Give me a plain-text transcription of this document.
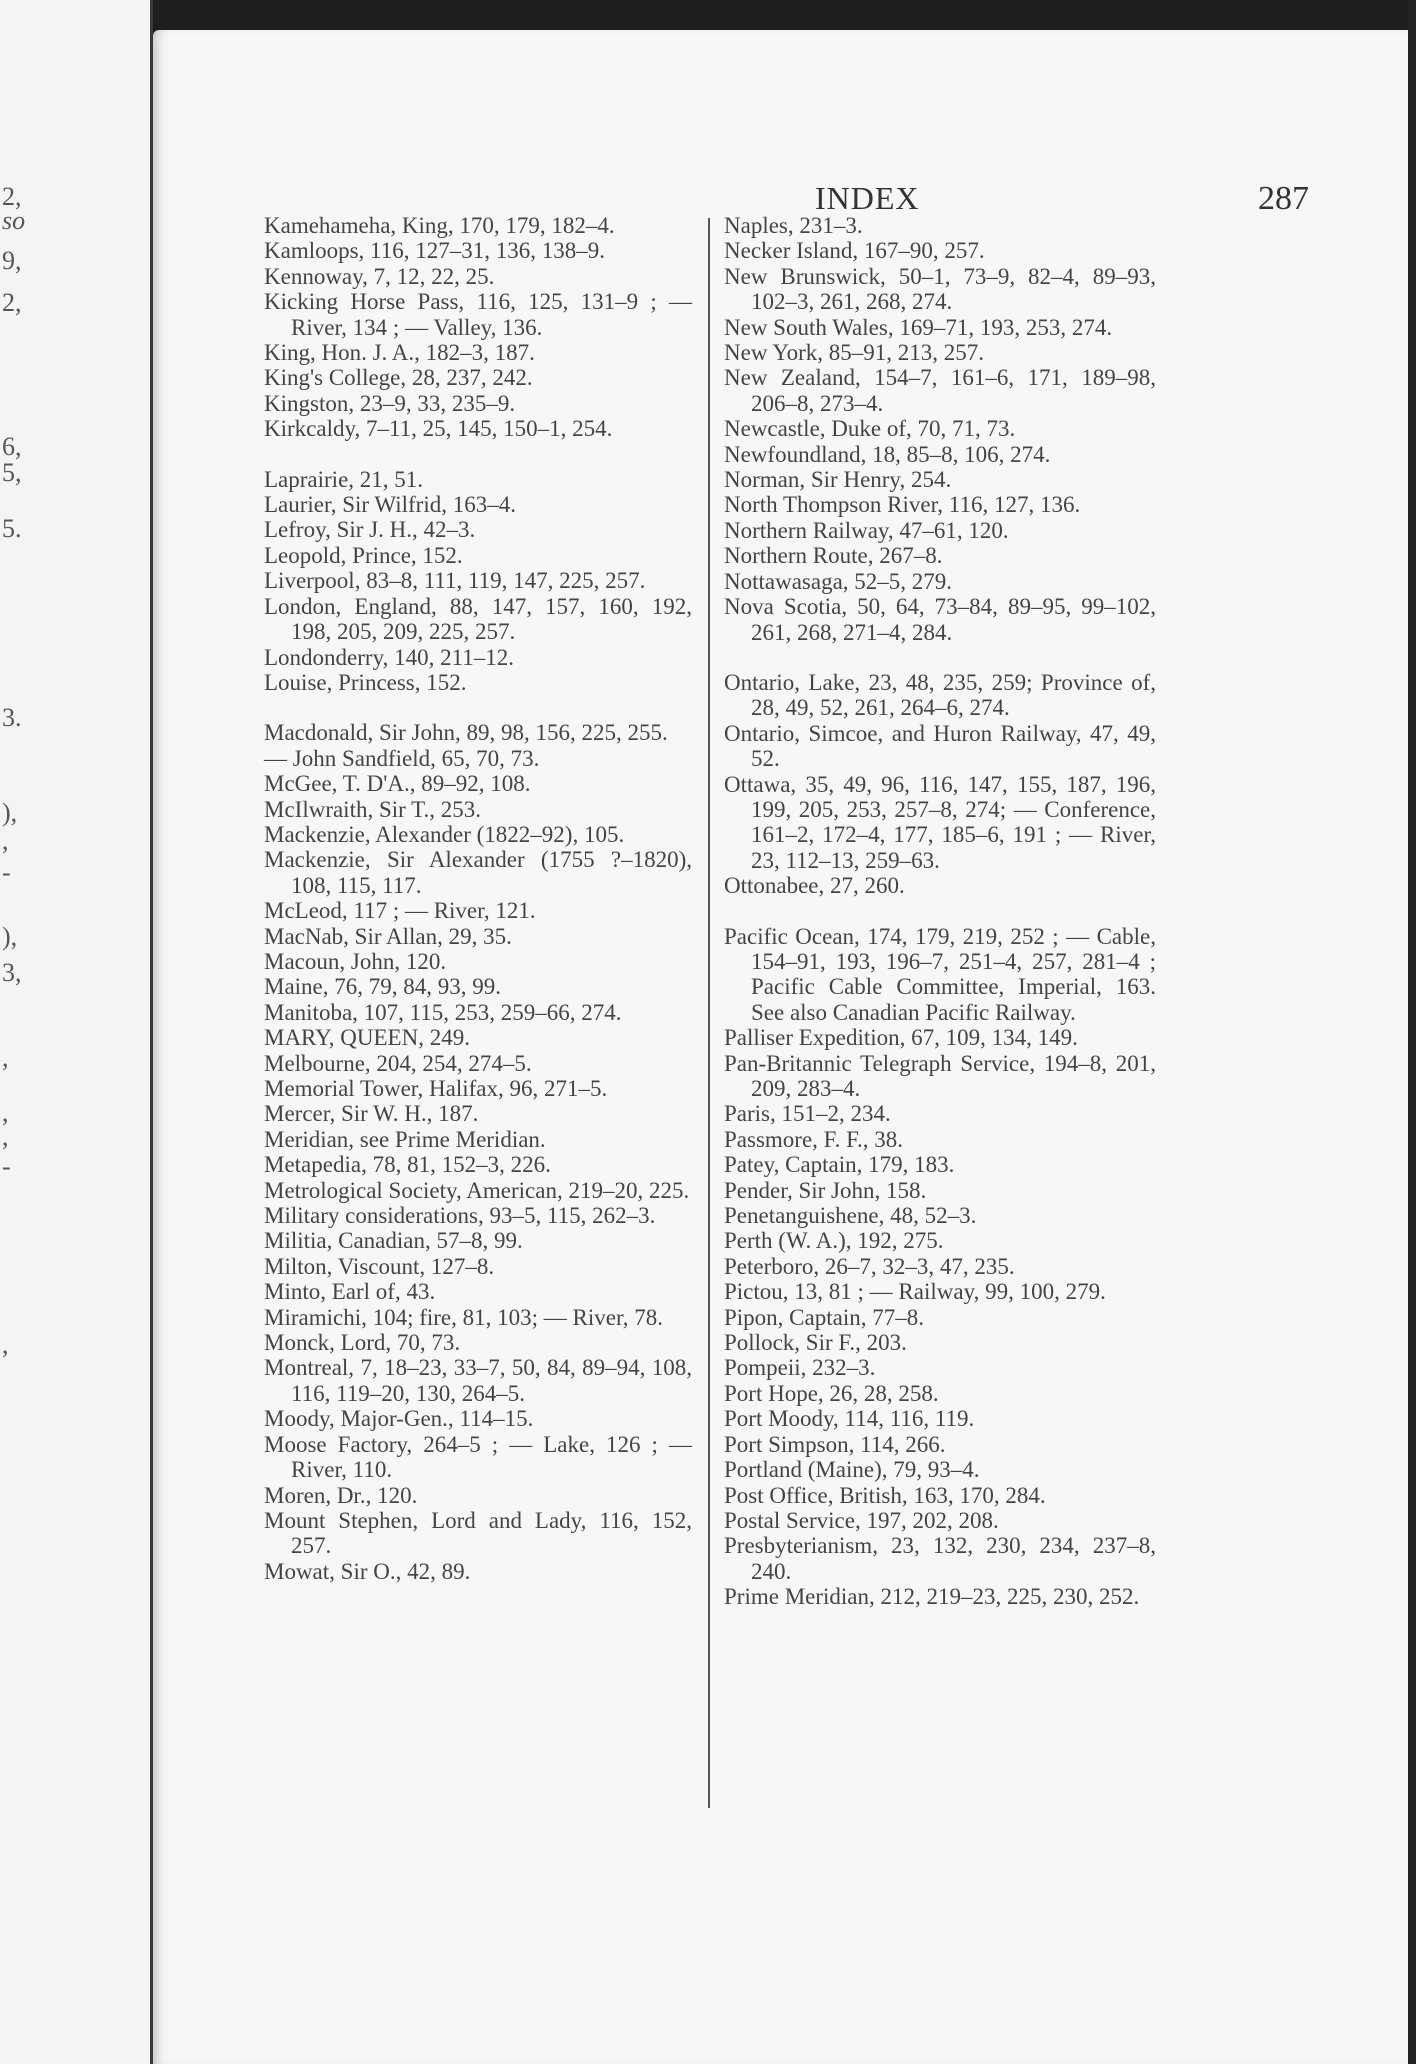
2,
so
9,
2,
6,
5,
5.
3.
),
,
-
),
3,
,
,
,
-
,
INDEX	287
Kamehameha, King, 170, 179, 182–4.
Kamloops, 116, 127–31, 136, 138–9.
Kennoway, 7, 12, 22, 25.
Kicking Horse Pass, 116, 125, 131–9 ; — River, 134 ; — Valley, 136.
King, Hon. J. A., 182–3, 187.
King's College, 28, 237, 242.
Kingston, 23–9, 33, 235–9.
Kirkcaldy, 7–11, 25, 145, 150–1, 254.
Laprairie, 21, 51.
Laurier, Sir Wilfrid, 163–4.
Lefroy, Sir J. H., 42–3.
Leopold, Prince, 152.
Liverpool, 83–8, 111, 119, 147, 225, 257.
London, England, 88, 147, 157, 160, 192, 198, 205, 209, 225, 257.
Londonderry, 140, 211–12.
Louise, Princess, 152.
Macdonald, Sir John, 89, 98, 156, 225, 255.
— John Sandfield, 65, 70, 73.
McGee, T. D'A., 89–92, 108.
McIlwraith, Sir T., 253.
Mackenzie, Alexander (1822–92), 105.
Mackenzie, Sir Alexander (1755 ?–1820), 108, 115, 117.
McLeod, 117 ; — River, 121.
MacNab, Sir Allan, 29, 35.
Macoun, John, 120.
Maine, 76, 79, 84, 93, 99.
Manitoba, 107, 115, 253, 259–66, 274.
MARY, QUEEN, 249.
Melbourne, 204, 254, 274–5.
Memorial Tower, Halifax, 96, 271–5.
Mercer, Sir W. H., 187.
Meridian, see Prime Meridian.
Metapedia, 78, 81, 152–3, 226.
Metrological Society, American, 219–20, 225.
Military considerations, 93–5, 115, 262–3.
Militia, Canadian, 57–8, 99.
Milton, Viscount, 127–8.
Minto, Earl of, 43.
Miramichi, 104; fire, 81, 103; — River, 78.
Monck, Lord, 70, 73.
Montreal, 7, 18–23, 33–7, 50, 84, 89–94, 108, 116, 119–20, 130, 264–5.
Moody, Major-Gen., 114–15.
Moose Factory, 264–5 ; — Lake, 126 ; — River, 110.
Moren, Dr., 120.
Mount Stephen, Lord and Lady, 116, 152, 257.
Mowat, Sir O., 42, 89.
Naples, 231–3.
Necker Island, 167–90, 257.
New Brunswick, 50–1, 73–9, 82–4, 89–93, 102–3, 261, 268, 274.
New South Wales, 169–71, 193, 253, 274.
New York, 85–91, 213, 257.
New Zealand, 154–7, 161–6, 171, 189–98, 206–8, 273–4.
Newcastle, Duke of, 70, 71, 73.
Newfoundland, 18, 85–8, 106, 274.
Norman, Sir Henry, 254.
North Thompson River, 116, 127, 136.
Northern Railway, 47–61, 120.
Northern Route, 267–8.
Nottawasaga, 52–5, 279.
Nova Scotia, 50, 64, 73–84, 89–95, 99–102, 261, 268, 271–4, 284.
Ontario, Lake, 23, 48, 235, 259; Province of, 28, 49, 52, 261, 264–6, 274.
Ontario, Simcoe, and Huron Railway, 47, 49, 52.
Ottawa, 35, 49, 96, 116, 147, 155, 187, 196, 199, 205, 253, 257–8, 274; — Conference, 161–2, 172–4, 177, 185–6, 191 ; — River, 23, 112–13, 259–63.
Ottonabee, 27, 260.
Pacific Ocean, 174, 179, 219, 252 ; — Cable, 154–91, 193, 196–7, 251–4, 257, 281–4 ; Pacific Cable Committee, Imperial, 163. See also Canadian Pacific Railway.
Palliser Expedition, 67, 109, 134, 149.
Pan-Britannic Telegraph Service, 194–8, 201, 209, 283–4.
Paris, 151–2, 234.
Passmore, F. F., 38.
Patey, Captain, 179, 183.
Pender, Sir John, 158.
Penetanguishene, 48, 52–3.
Perth (W. A.), 192, 275.
Peterboro, 26–7, 32–3, 47, 235.
Pictou, 13, 81 ; — Railway, 99, 100, 279.
Pipon, Captain, 77–8.
Pollock, Sir F., 203.
Pompeii, 232–3.
Port Hope, 26, 28, 258.
Port Moody, 114, 116, 119.
Port Simpson, 114, 266.
Portland (Maine), 79, 93–4.
Post Office, British, 163, 170, 284.
Postal Service, 197, 202, 208.
Presbyterianism, 23, 132, 230, 234, 237–8, 240.
Prime Meridian, 212, 219–23, 225, 230, 252.
